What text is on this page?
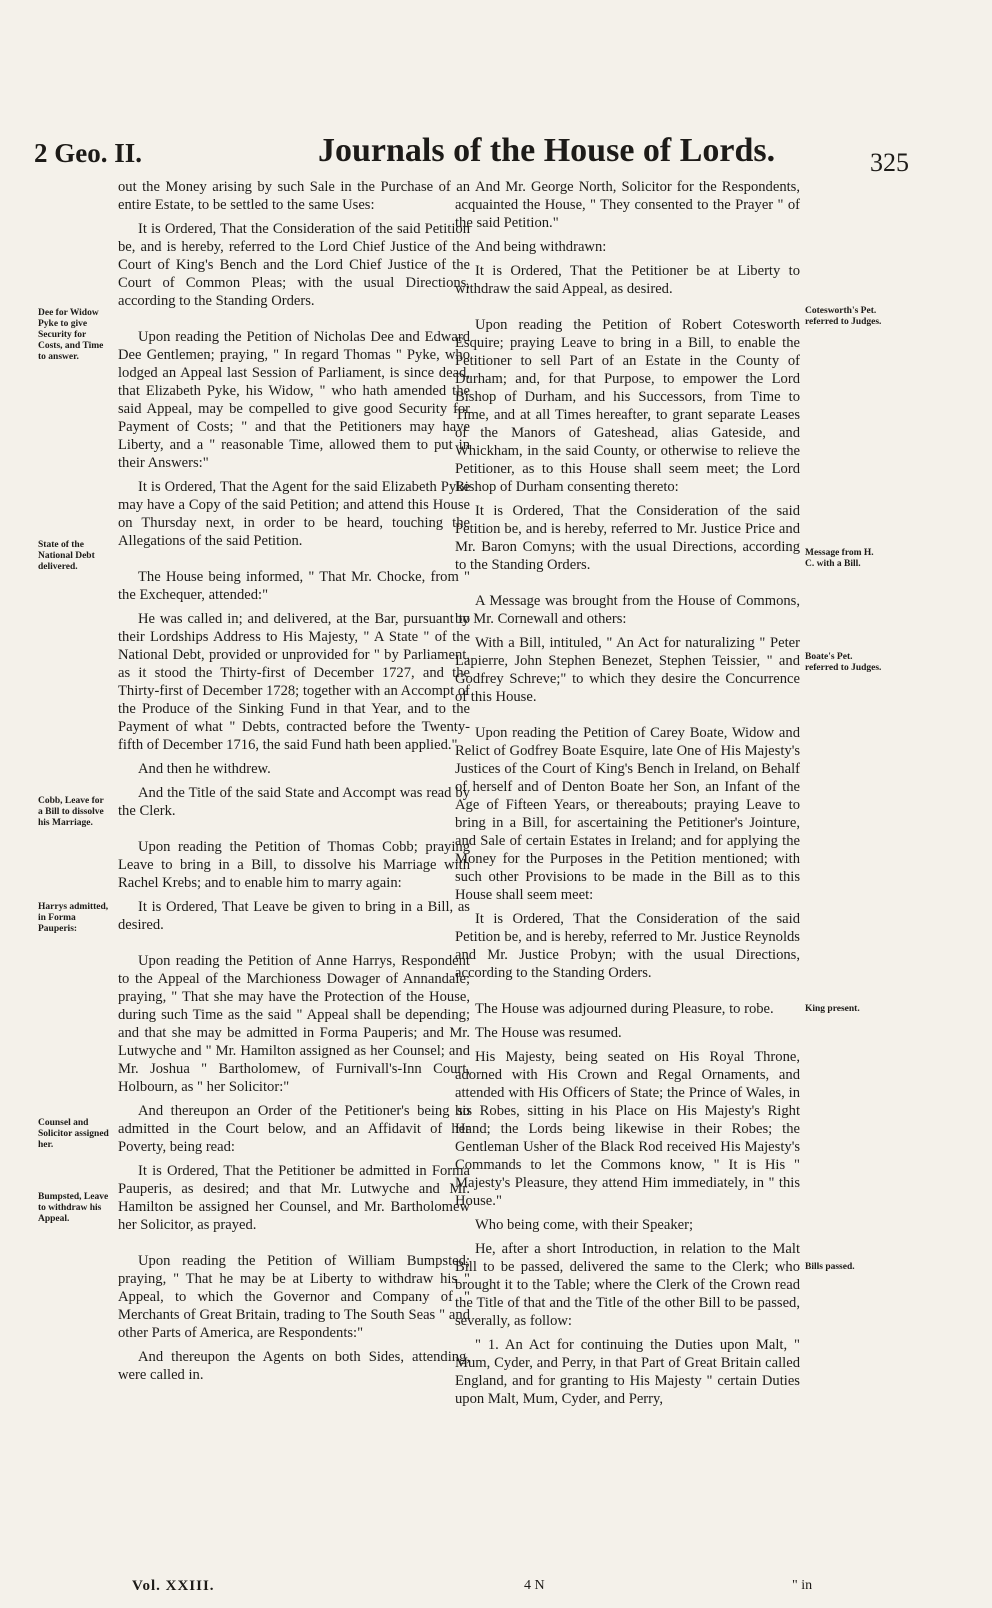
2 Geo. II.	Journals of the House of Lords.	325

out the Money arising by such Sale in the Purchase of an entire Estate, to be settled to the same Uses:

It is Ordered, That the Consideration of the said Petition be, and is hereby, referred to the Lord Chief Justice of the Court of King's Bench and the Lord Chief Justice of the Court of Common Pleas; with the usual Directions, according to the Standing Orders.

Upon reading the Petition of Nicholas Dee and Edward Dee Gentlemen; praying, " In regard Thomas " Pyke, who lodged an Appeal last Session of Parliament, is since dead, that Elizabeth Pyke, his Widow, " who hath amended the said Appeal, may be compelled to give good Security for Payment of Costs; " and that the Petitioners may have Liberty, and a " reasonable Time, allowed them to put in their Answers:"

It is Ordered, That the Agent for the said Elizabeth Pyke may have a Copy of the said Petition; and attend this House on Thursday next, in order to be heard, touching the Allegations of the said Petition.

The House being informed, " That Mr. Chocke, from " the Exchequer, attended:"

He was called in; and delivered, at the Bar, pursuant to their Lordships Address to His Majesty, " A State " of the National Debt, provided or unprovided for " by Parliament, as it stood the Thirty-first of December 1727, and the Thirty-first of December 1728; together with an Accompt of the Produce of the Sinking Fund in that Year, and to the Payment of what " Debts, contracted before the Twenty-fifth of December 1716, the said Fund hath been applied."

And then he withdrew.

And the Title of the said State and Accompt was read by the Clerk.

Upon reading the Petition of Thomas Cobb; praying Leave to bring in a Bill, to dissolve his Marriage with Rachel Krebs; and to enable him to marry again:

It is Ordered, That Leave be given to bring in a Bill, as desired.

Upon reading the Petition of Anne Harrys, Respondent to the Appeal of the Marchioness Dowager of Annandale; praying, " That she may have the Protection of the House, during such Time as the said " Appeal shall be depending; and that she may be admitted in Forma Pauperis; and Mr. Lutwyche and " Mr. Hamilton assigned as her Counsel; and Mr. Joshua " Bartholomew, of Furnivall's-Inn Court, Holbourn, as " her Solicitor:"

And thereupon an Order of the Petitioner's being so admitted in the Court below, and an Affidavit of her Poverty, being read:

It is Ordered, That the Petitioner be admitted in Forma Pauperis, as desired; and that Mr. Lutwyche and Mr. Hamilton be assigned her Counsel, and Mr. Bartholomew her Solicitor, as prayed.

Upon reading the Petition of William Bumpsted; praying, " That he may be at Liberty to withdraw his " Appeal, to which the Governor and Company of " Merchants of Great Britain, trading to The South Seas " and other Parts of America, are Respondents:"

And thereupon the Agents on both Sides, attending, were called in.

And Mr. George North, Solicitor for the Respondents, acquainted the House, " They consented to the Prayer " of the said Petition."

And being withdrawn:

It is Ordered, That the Petitioner be at Liberty to withdraw the said Appeal, as desired.

Upon reading the Petition of Robert Cotesworth Esquire; praying Leave to bring in a Bill, to enable the Petitioner to sell Part of an Estate in the County of Durham; and, for that Purpose, to empower the Lord Bishop of Durham, and his Successors, from Time to Time, and at all Times hereafter, to grant separate Leases of the Manors of Gateshead, alias Gateside, and Whickham, in the said County, or otherwise to relieve the Petitioner, as to this House shall seem meet; the Lord Bishop of Durham consenting thereto:

It is Ordered, That the Consideration of the said Petition be, and is hereby, referred to Mr. Justice Price and Mr. Baron Comyns; with the usual Directions, according to the Standing Orders.

A Message was brought from the House of Commons, by Mr. Cornewall and others:

With a Bill, intituled, " An Act for naturalizing " Peter Lapierre, John Stephen Benezet, Stephen Teissier, " and Godfrey Schreve;" to which they desire the Concurrence of this House.

Upon reading the Petition of Carey Boate, Widow and Relict of Godfrey Boate Esquire, late One of His Majesty's Justices of the Court of King's Bench in Ireland, on Behalf of herself and of Denton Boate her Son, an Infant of the Age of Fifteen Years, or thereabouts; praying Leave to bring in a Bill, for ascertaining the Petitioner's Jointure, and Sale of certain Estates in Ireland; and for applying the Money for the Purposes in the Petition mentioned; with such other Provisions to be made in the Bill as to this House shall seem meet:

It is Ordered, That the Consideration of the said Petition be, and is hereby, referred to Mr. Justice Reynolds and Mr. Justice Probyn; with the usual Directions, according to the Standing Orders.

The House was adjourned during Pleasure, to robe.

The House was resumed.

His Majesty, being seated on His Royal Throne, adorned with His Crown and Regal Ornaments, and attended with His Officers of State; the Prince of Wales, in his Robes, sitting in his Place on His Majesty's Right Hand; the Lords being likewise in their Robes; the Gentleman Usher of the Black Rod received His Majesty's Commands to let the Commons know, " It is His " Majesty's Pleasure, they attend Him immediately, in " this House."

Who being come, with their Speaker;

He, after a short Introduction, in relation to the Malt Bill to be passed, delivered the same to the Clerk; who brought it to the Table; where the Clerk of the Crown read the Title of that and the Title of the other Bill to be passed, severally, as follow:

" 1. An Act for continuing the Duties upon Malt, " Mum, Cyder, and Perry, in that Part of Great Britain called England, and for granting to His Majesty " certain Duties upon Malt, Mum, Cyder, and Perry,

Dee for Widow Pyke to give Security for Costs, and Time to answer.
State of the National Debt delivered.
Cobb, Leave for a Bill to dissolve his Marriage.
Harrys admitted, in Forma Pauperis:
Counsel and Solicitor assigned her.
Bumpsted, Leave to withdraw his Appeal.
Cotesworth's Pet. referred to Judges.
Message from H. C. with a Bill.
Boate's Pet. referred to Judges.
King present.
Bills passed.
Vol. XXIII.	4 N	" in
